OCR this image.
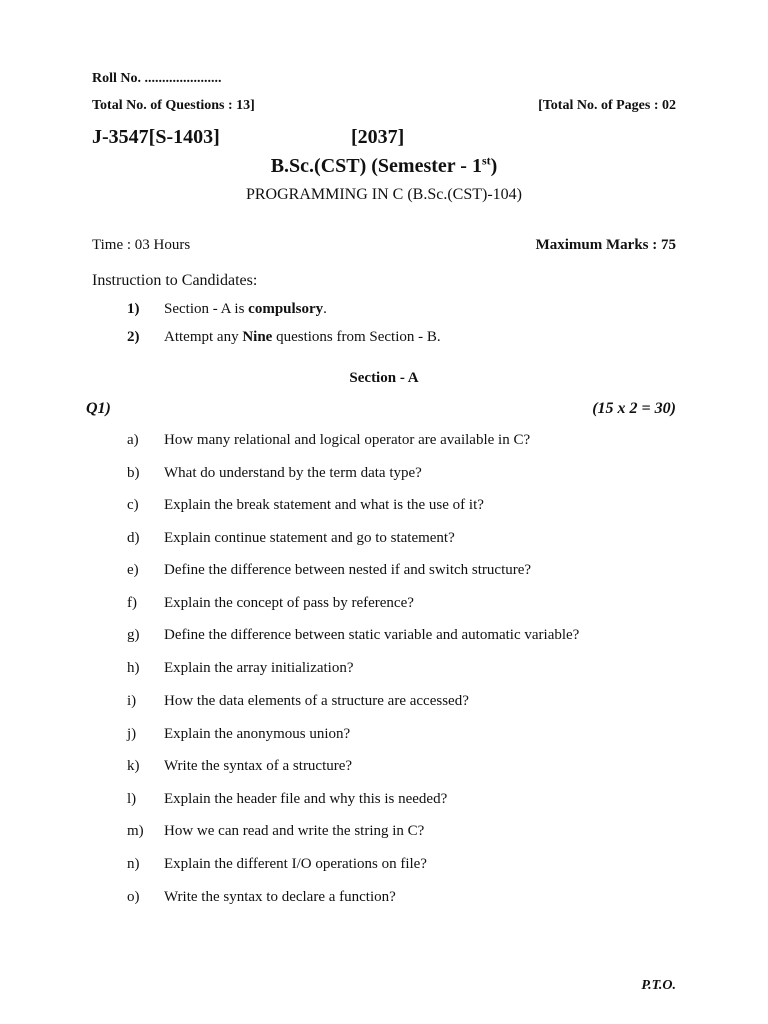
Roll No. ......................
Total No. of Questions : 13]	[Total No. of Pages : 02
J-3547[S-1403]	[2037]
B.Sc.(CST) (Semester - 1st)
PROGRAMMING IN C (B.Sc.(CST)-104)
Time : 03 Hours	Maximum Marks : 75
Instruction to Candidates:
1) Section - A is compulsory.
2) Attempt any Nine questions from Section - B.
Section - A
Q1)	(15 x 2 = 30)
a) How many relational and logical operator are available in C?
b) What do understand by the term data type?
c) Explain the break statement and what is the use of it?
d) Explain continue statement and go to statement?
e) Define the difference between nested if and switch structure?
f) Explain the concept of pass by reference?
g) Define the difference between static variable and automatic variable?
h) Explain the array initialization?
i) How the data elements of a structure are accessed?
j) Explain the anonymous union?
k) Write the syntax of a structure?
l) Explain the header file and why this is needed?
m) How we can read and write the string in C?
n) Explain the different I/O operations on file?
o) Write the syntax to declare a function?
P.T.O.
